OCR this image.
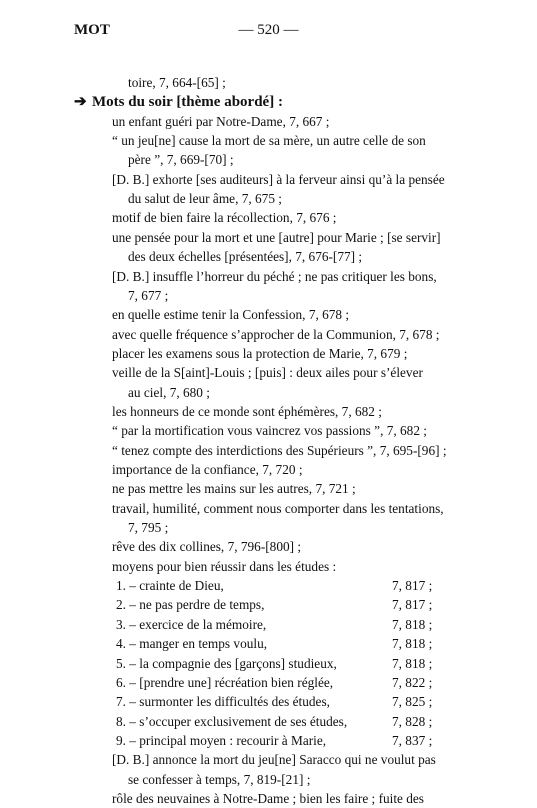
MOT	— 520 —
toire, 7, 664-[65] ;
➔ Mots du soir [thème abordé] :
un enfant guéri par Notre-Dame, 7, 667 ;
“ un jeu[ne] cause la mort de sa mère, un autre celle de son
père ”, 7, 669-[70] ;
[D. B.] exhorte [ses auditeurs] à la ferveur ainsi qu’à la pensée
du salut de leur âme, 7, 675 ;
motif de bien faire la récollection, 7, 676 ;
une pensée pour la mort et une [autre] pour Marie ; [se servir]
des deux échelles [présentées], 7, 676-[77] ;
[D. B.] insuffle l’horreur du péché ; ne pas critiquer les bons,
7, 677 ;
en quelle estime tenir la Confession, 7, 678 ;
avec quelle fréquence s’approcher de la Communion, 7, 678 ;
placer les examens sous la protection de Marie, 7, 679 ;
veille de la S[aint]-Louis ; [puis] : deux ailes pour s’élever
au ciel, 7, 680 ;
les honneurs de ce monde sont éphémères, 7, 682 ;
“ par la mortification vous vaincrez vos passions ”, 7, 682 ;
“ tenez compte des interdictions des Supérieurs ”, 7, 695-[96] ;
importance de la confiance, 7, 720 ;
ne pas mettre les mains sur les autres, 7, 721 ;
travail, humilité, comment nous comporter dans les tentations,
7, 795 ;
rêve des dix collines, 7, 796-[800] ;
moyens pour bien réussir dans les études :
1. – crainte de Dieu,	7, 817 ;
2. – ne pas perdre de temps,	7, 817 ;
3. – exercice de la mémoire,	7, 818 ;
4. – manger en temps voulu,	7, 818 ;
5. – la compagnie des [garçons] studieux,	7, 818 ;
6. – [prendre une] récréation bien réglée,	7, 822 ;
7. – surmonter les difficultés des études,	7, 825 ;
8. – s’occuper exclusivement de ses études,	7, 828 ;
9. – principal moyen : recourir à Marie,	7, 837 ;
[D. B.] annonce la mort du jeu[ne] Saracco qui ne voulut pas
se confesser à temps, 7, 819-[21] ;
rôle des neuvaines à Notre-Dame ; bien les faire ; fuite des
